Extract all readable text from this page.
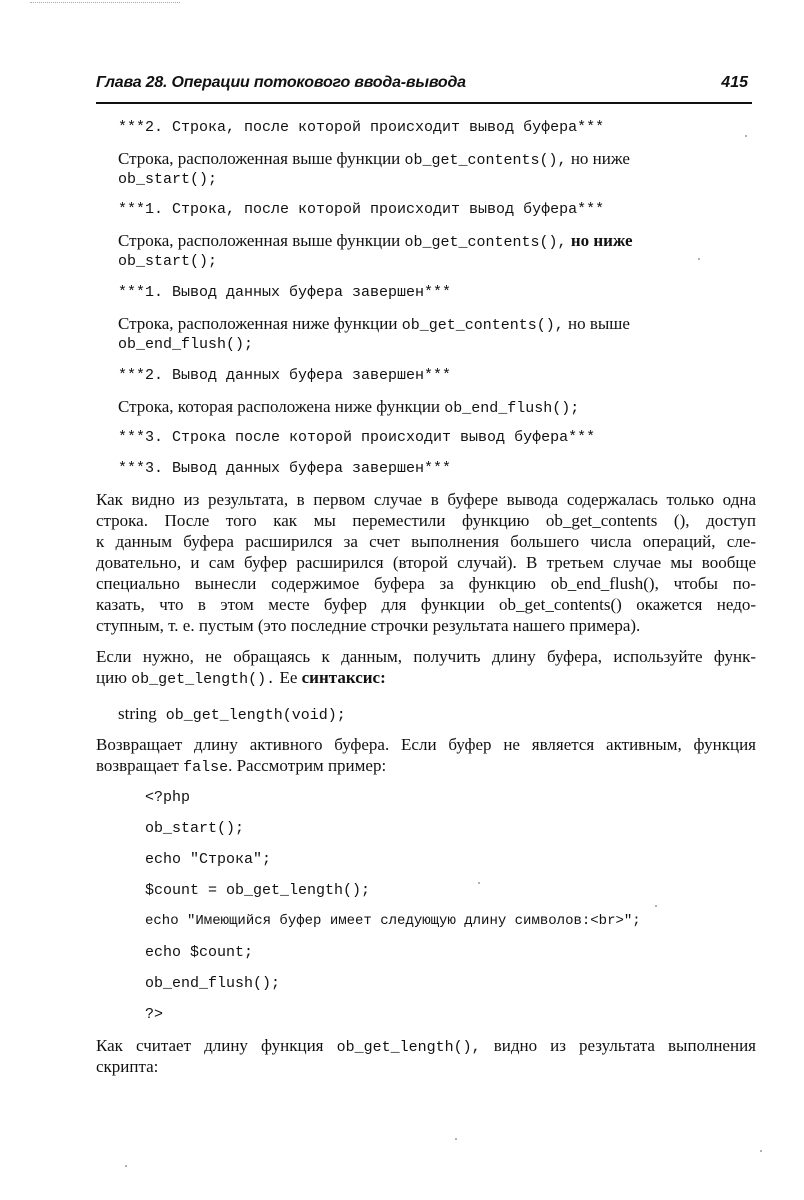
Глава 28. Операции потокового ввода-вывода	415
***2. Строка, после которой происходит вывод буфера***
Строка, расположенная выше функции ob_get_contents(), но ниже
ob_start();
***1. Строка, после которой происходит вывод буфера***
Строка, расположенная выше функции ob_get_contents(), но ниже
ob_start();
***1. Вывод данных буфера завершен***
Строка, расположенная ниже функции ob_get_contents(), но выше
ob_end_flush();
***2. Вывод данных буфера завершен***
Строка, которая расположена ниже функции ob_end_flush();
***3. Строка после которой происходит вывод буфера***
***3. Вывод данных буфера завершен***
Как видно из результата, в первом случае в буфере вывода содержалась только одна
строка. После того как мы переместили функцию ob_get_contents (), доступ
к данным буфера расширился за счет выполнения большего числа операций, сле-
довательно, и сам буфер расширился (второй случай). В третьем случае мы вообще
специально вынесли содержимое буфера за функцию ob_end_flush(), чтобы по-
казать, что в этом месте буфер для функции ob_get_contents() окажется недо-
ступным, т. е. пустым (это последние строчки результата нашего примера).
Если нужно, не обращаясь к данным, получить длину буфера, используйте функ-
цию ob_get_length(). Ее синтаксис:
string ob_get_length(void);
Возвращает длину активного буфера. Если буфер не является активным, функция
возвращает false. Рассмотрим пример:
<?php
ob_start();
echo "Строка";
$count = ob_get_length();
echo "Имеющийся буфер имеет следующую длину символов:<br>";
echo $count;
ob_end_flush();
?>
Как считает длину функция ob_get_length(), видно из результата выполнения
скрипта:
